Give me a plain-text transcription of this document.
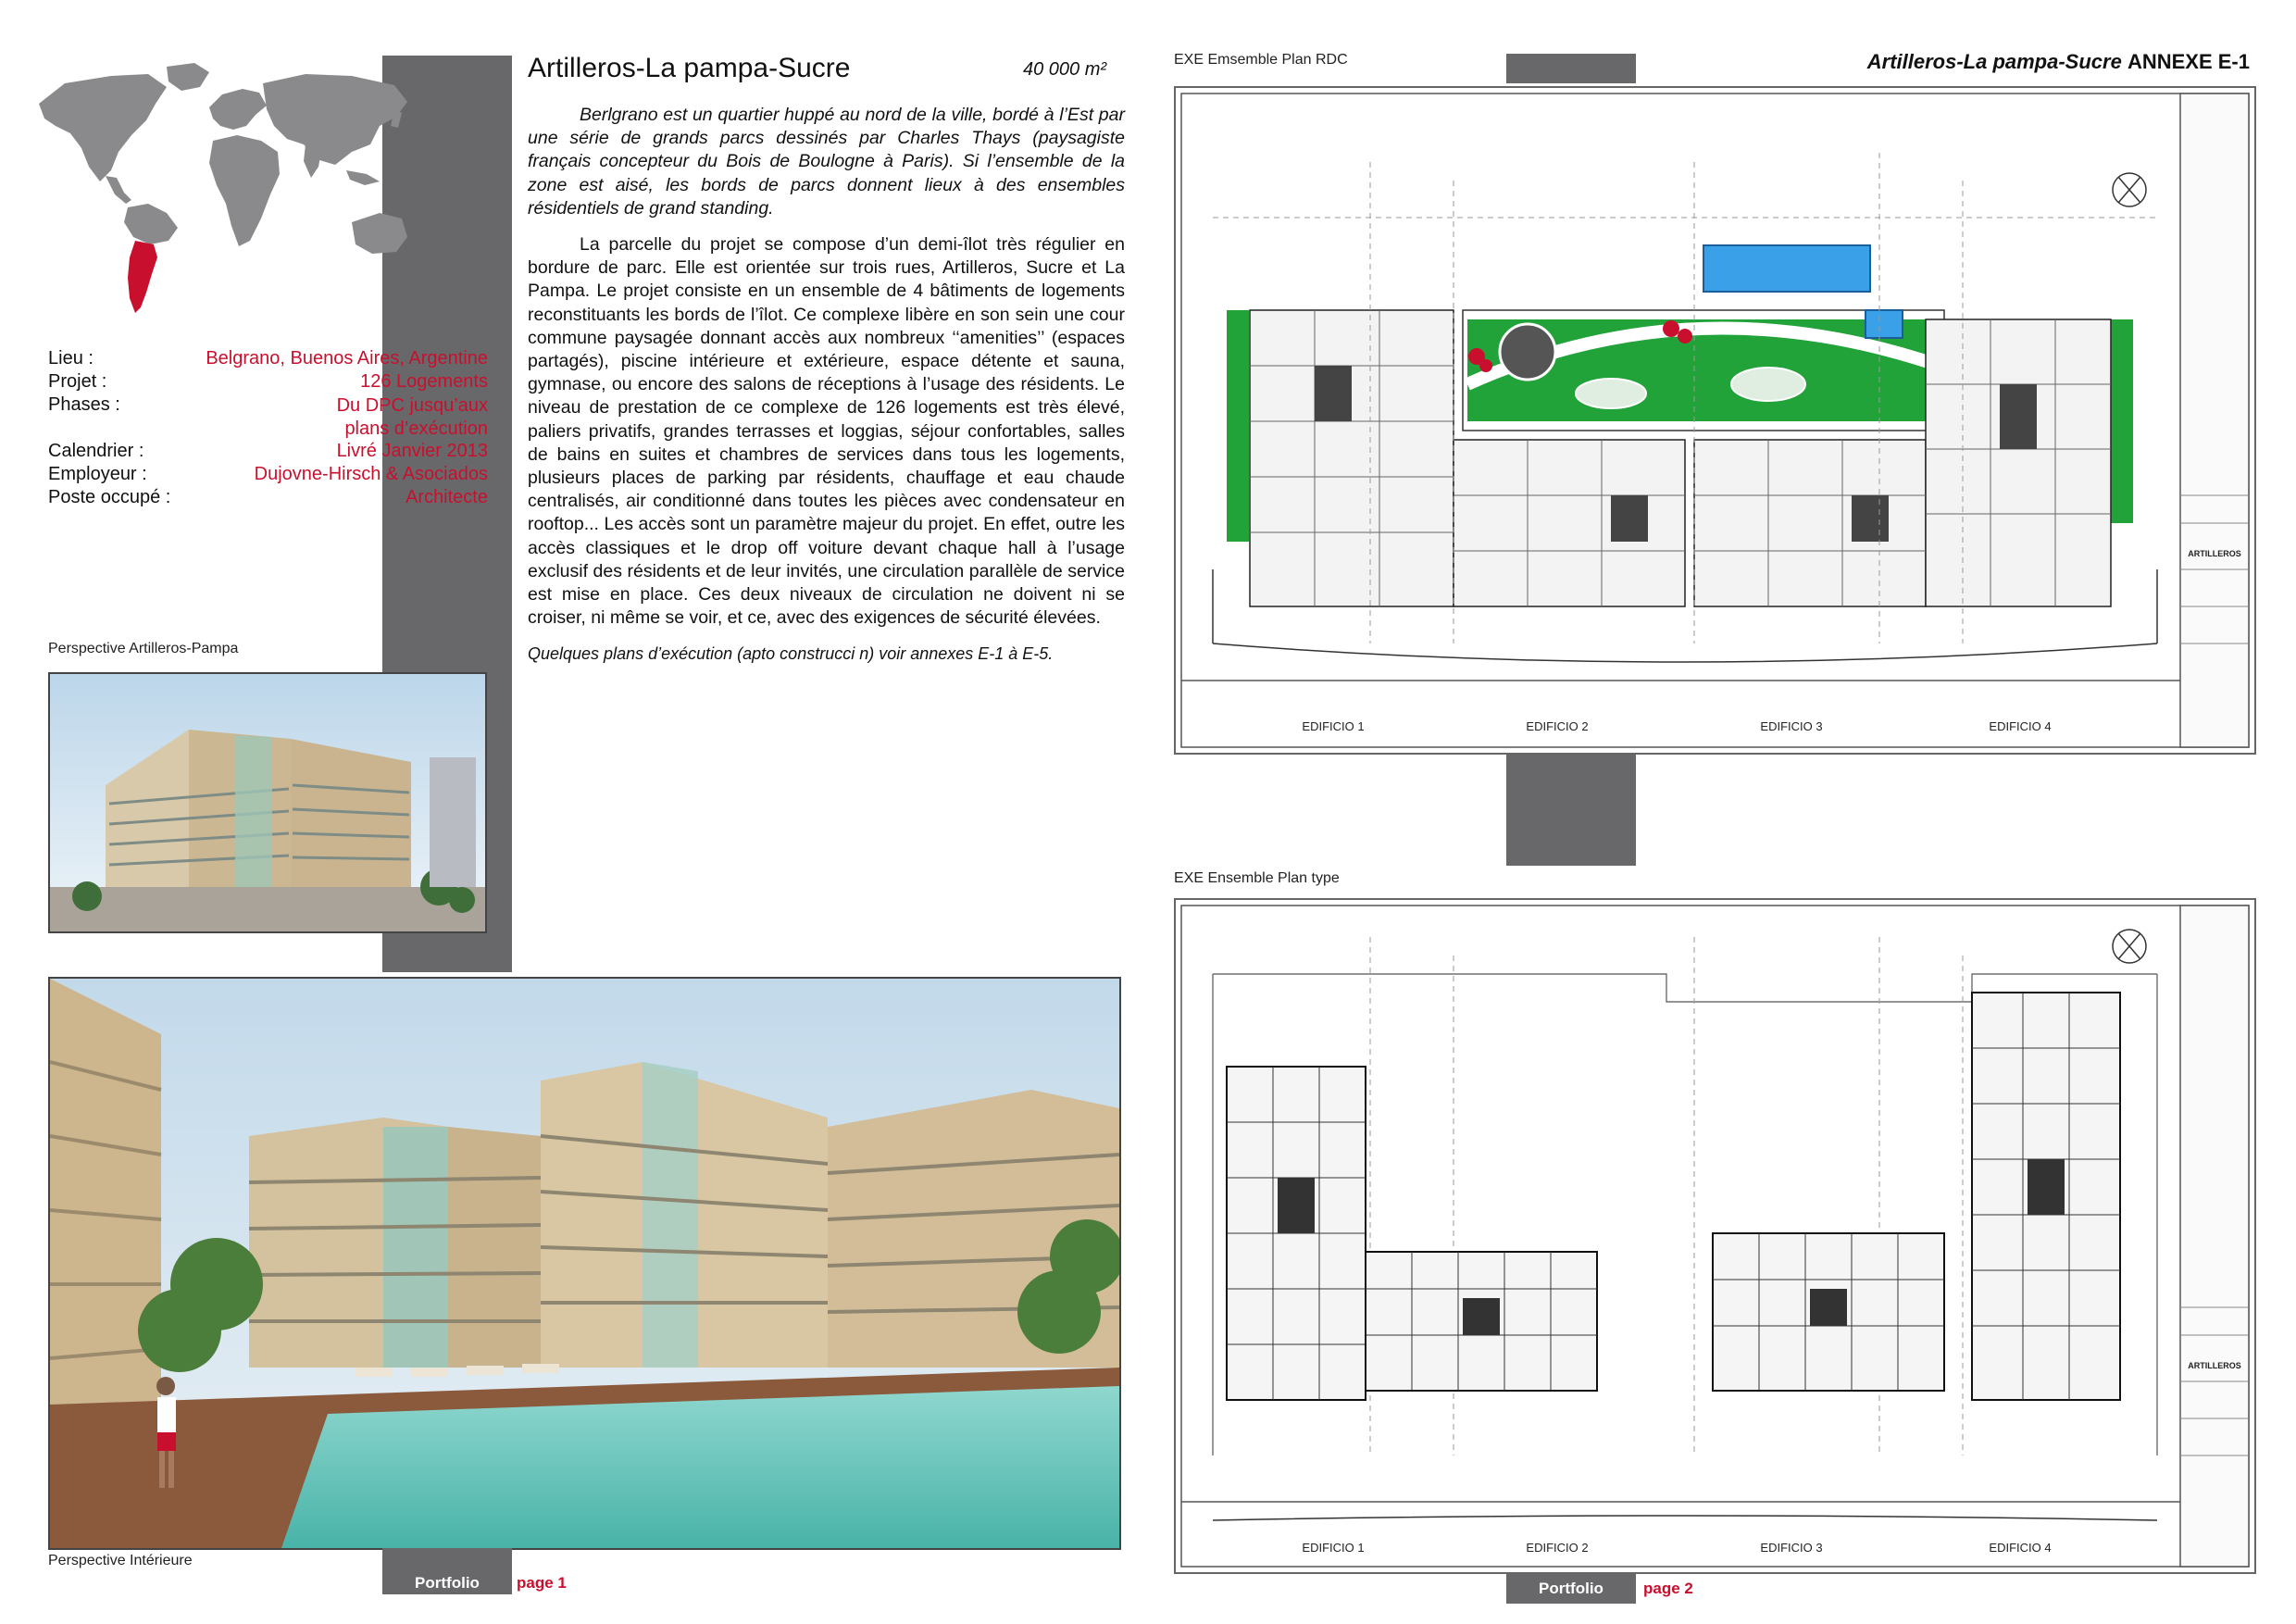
Lieu :	Belgrano, Buenos Aires, Argentine
Projet :	126 Logements
Phases :	Du DPC jusqu’aux plans d’exécution
Calendrier :	Livré Janvier 2013
Employeur :	Dujovne-Hirsch & Asociados
Poste occupé :	Architecte
Artilleros-La pampa-Sucre	40 000 m²

Berlgrano est un quartier huppé au nord de la ville, bordé à l’Est par une série de grands parcs dessinés par Charles Thays (paysagiste français concepteur du Bois de Boulogne à Paris). Si l’ensemble de la zone est aisé, les bords de parcs donnent lieux à des ensembles résidentiels de grand standing.

La parcelle du projet se compose d’un demi-îlot très régulier en bordure de parc. Elle est orientée sur trois rues, Artilleros, Sucre et La Pampa. Le projet consiste en un ensemble de 4 bâtiments de logements reconstituants les bords de l’îlot. Ce complexe libère en son sein une cour commune paysagée donnant accès aux nombreux ‘‘amenities’’ (espaces partagés), piscine intérieure et extérieure, espace détente et sauna, gymnase, ou encore des salons de réceptions à l’usage des résidents. Le niveau de prestation de ce complexe de 126 logements est très élevé, paliers privatifs, grandes terrasses et loggias, séjour confortables, salles de bains en suites et chambres de services dans tous les logements, plusieurs places de parking par résidents, chauffage et eau chaude centralisés, air conditionné dans toutes les pièces avec condensateur en rooftop... Les accès sont un paramètre majeur du projet. En effet, outre les accès classiques et le drop off voiture devant chaque hall à l’usage exclusif des résidents et de leur invités, une circulation parallèle de service est mise en place. Ces deux niveaux de circulation ne doivent ni se croiser, ni même se voir, et ce, avec des exigences de sécurité élevées.

Quelques plans d’exécution (apto construcci n) voir annexes E-1 à E-5.

Perspective Artilleros-Pampa
Perspective Intérieure
Portfolio	page 1
EXE Emsemble Plan RDC	Artilleros-La pampa-Sucre ANNEXE E-1
ARTILLEROS
EDIFICIO 1	EDIFICIO 2	EDIFICIO 3	EDIFICIO 4
EXE Ensemble Plan type
ARTILLEROS
EDIFICIO 1	EDIFICIO 2	EDIFICIO 3	EDIFICIO 4
Portfolio	page 2
